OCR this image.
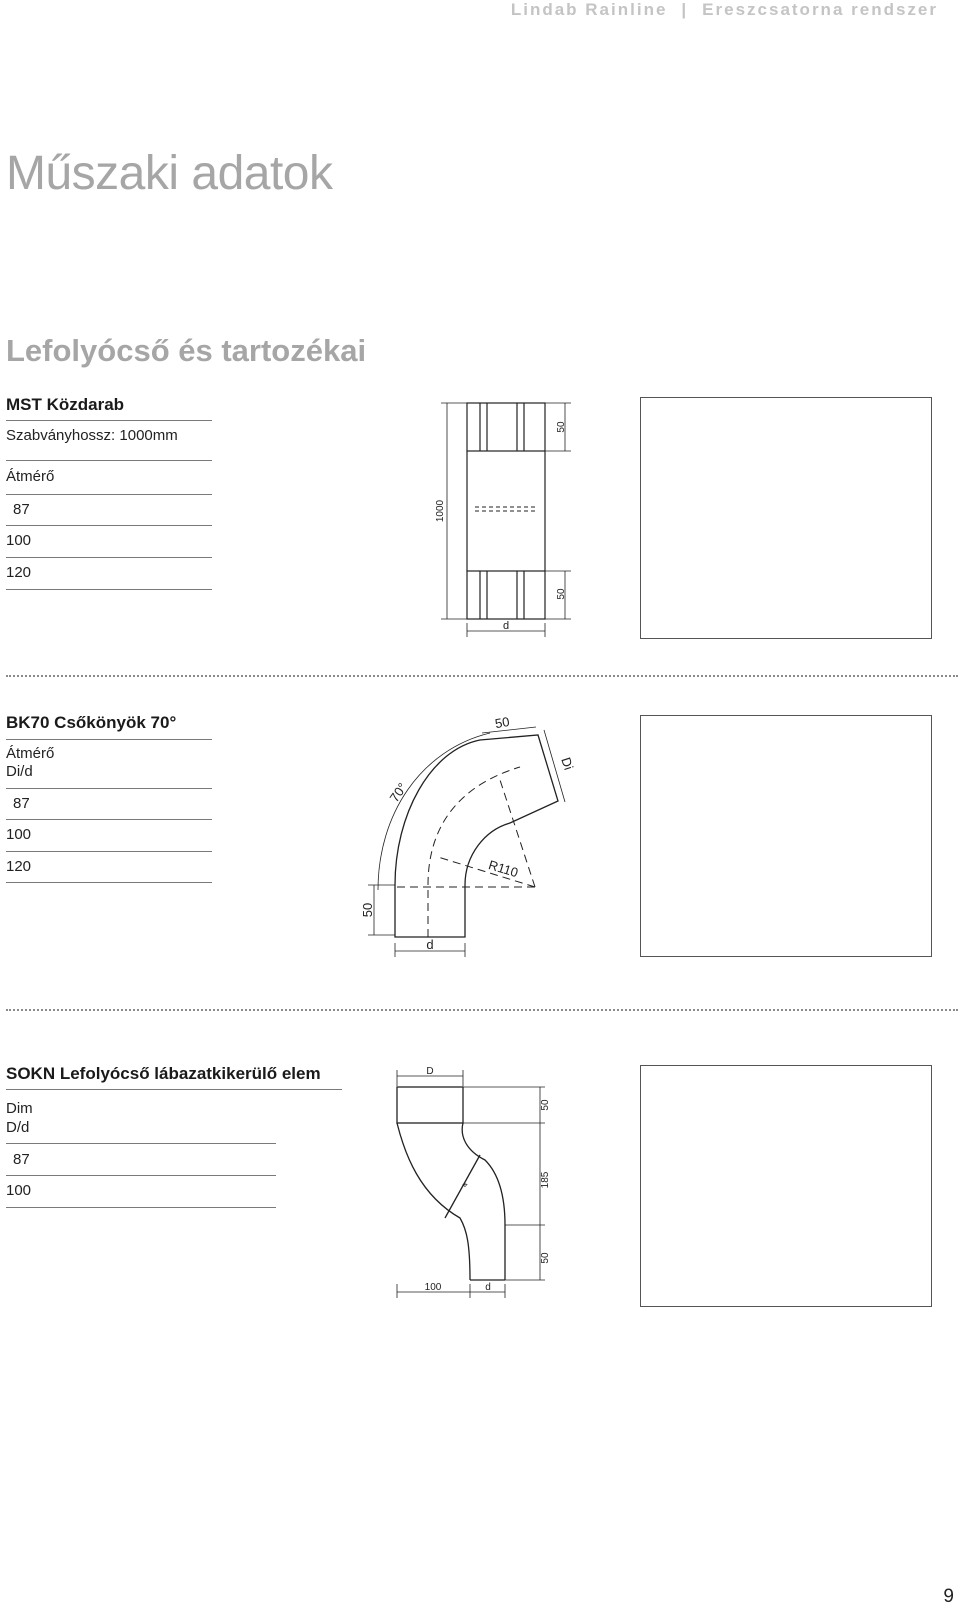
Lindab Rainline | Ereszcsatorna rendszer
Műszaki adatok
Lefolyócső és tartozékai
MST Közdarab
Szabványhossz: 1000mm
Átmérő
87
100
120
1000
50
50
d
BK70 Csőkönyök 70°
Átmérő
Di/d
87
100
120
50
70°
50
Di
R110
d
SOKN Lefolyócső lábazatkikerülő elem
Dim
D/d
87
100	⌖
D
50
185
50
100	d
9
